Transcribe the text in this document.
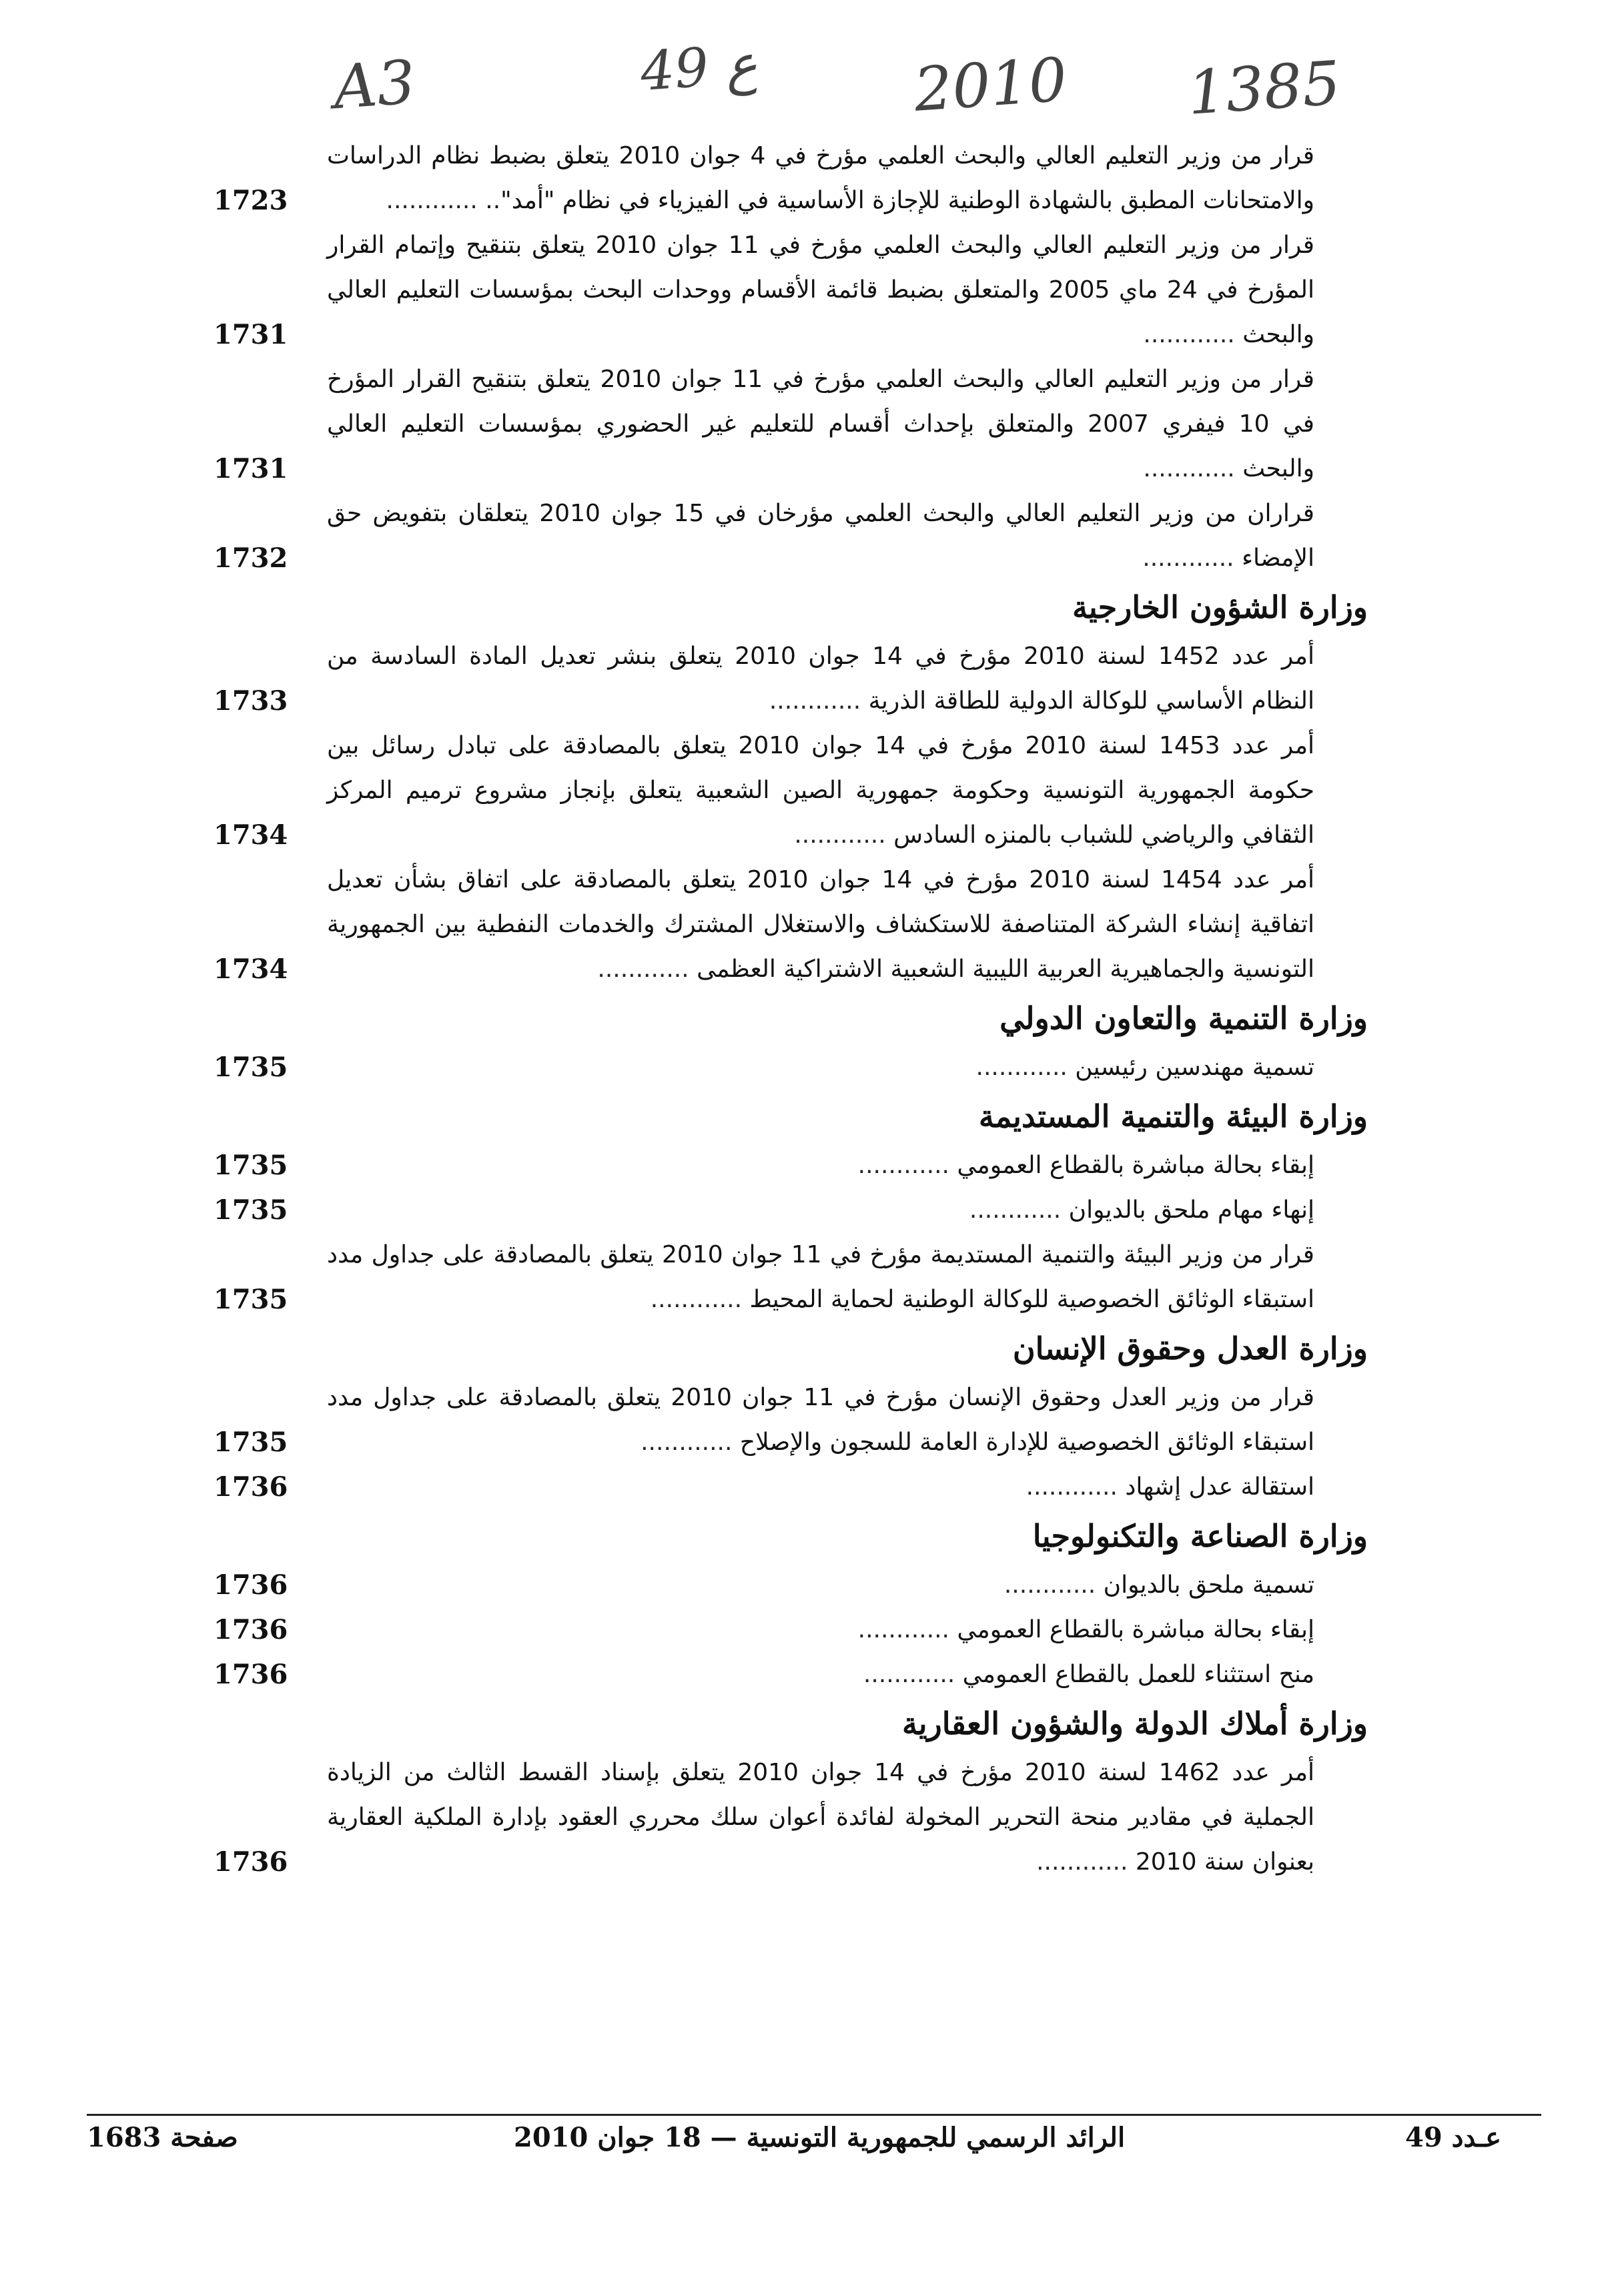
A3	49 ع	2010 1385
قرار من وزير التعليم العالي والبحث العلمي مؤرخ في 4 جوان 2010 يتعلق بضبط نظام الدراسات والامتحانات المطبق بالشهادة الوطنية للإجازة الأساسية في الفيزياء في نظام "أمد".. .....
1723
قرار من وزير التعليم العالي والبحث العلمي مؤرخ في 11 جوان 2010 يتعلق بتنقيح وإتمام القرار المؤرخ في 24 ماي 2005 والمتعلق بضبط قائمة الأقسام ووحدات البحث بمؤسسات التعليم العالي والبحث .....
1731
قرار من وزير التعليم العالي والبحث العلمي مؤرخ في 11 جوان 2010 يتعلق بتنقيح القرار المؤرخ في 10 فيفري 2007 والمتعلق بإحداث أقسام للتعليم غير الحضوري بمؤسسات التعليم العالي والبحث .....
1731
قراران من وزير التعليم العالي والبحث العلمي مؤرخان في 15 جوان 2010 يتعلقان بتفويض حق الإمضاء .....
1732
وزارة الشؤون الخارجية
أمر عدد 1452 لسنة 2010 مؤرخ في 14 جوان 2010 يتعلق بنشر تعديل المادة السادسة من النظام الأساسي للوكالة الدولية للطاقة الذرية .....
1733
أمر عدد 1453 لسنة 2010 مؤرخ في 14 جوان 2010 يتعلق بالمصادقة على تبادل رسائل بين حكومة الجمهورية التونسية وحكومة جمهورية الصين الشعبية يتعلق بإنجاز مشروع ترميم المركز الثقافي والرياضي للشباب بالمنزه السادس .....
1734
أمر عدد 1454 لسنة 2010 مؤرخ في 14 جوان 2010 يتعلق بالمصادقة على اتفاق بشأن تعديل اتفاقية إنشاء الشركة المتناصفة للاستكشاف والاستغلال المشترك والخدمات النفطية بين الجمهورية التونسية والجماهيرية العربية الليبية الشعبية الاشتراكية العظمى .....
1734
وزارة التنمية والتعاون الدولي
تسمية مهندسين رئيسين .....
1735
وزارة البيئة والتنمية المستديمة
إبقاء بحالة مباشرة بالقطاع العمومي .....
1735
إنهاء مهام ملحق بالديوان .....
1735
قرار من وزير البيئة والتنمية المستديمة مؤرخ في 11 جوان 2010 يتعلق بالمصادقة على جداول مدد استبقاء الوثائق الخصوصية للوكالة الوطنية لحماية المحيط .....
1735
وزارة العدل وحقوق الإنسان
قرار من وزير العدل وحقوق الإنسان مؤرخ في 11 جوان 2010 يتعلق بالمصادقة على جداول مدد استبقاء الوثائق الخصوصية للإدارة العامة للسجون والإصلاح .....
1735
استقالة عدل إشهاد .....
1736
وزارة الصناعة والتكنولوجيا
تسمية ملحق بالديوان .....
1736
إبقاء بحالة مباشرة بالقطاع العمومي .....
1736
منح استثناء للعمل بالقطاع العمومي .....
1736
وزارة أملاك الدولة والشؤون العقارية
أمر عدد 1462 لسنة 2010 مؤرخ في 14 جوان 2010 يتعلق بإسناد القسط الثالث من الزيادة الجملية في مقادير منحة التحرير المخولة لفائدة أعوان سلك محرري العقود بإدارة الملكية العقارية بعنوان سنة 2010 .....
1736
عـدد 49
الرائد الرسمي للجمهورية التونسية — 18 جوان 2010
صفحة 1683
